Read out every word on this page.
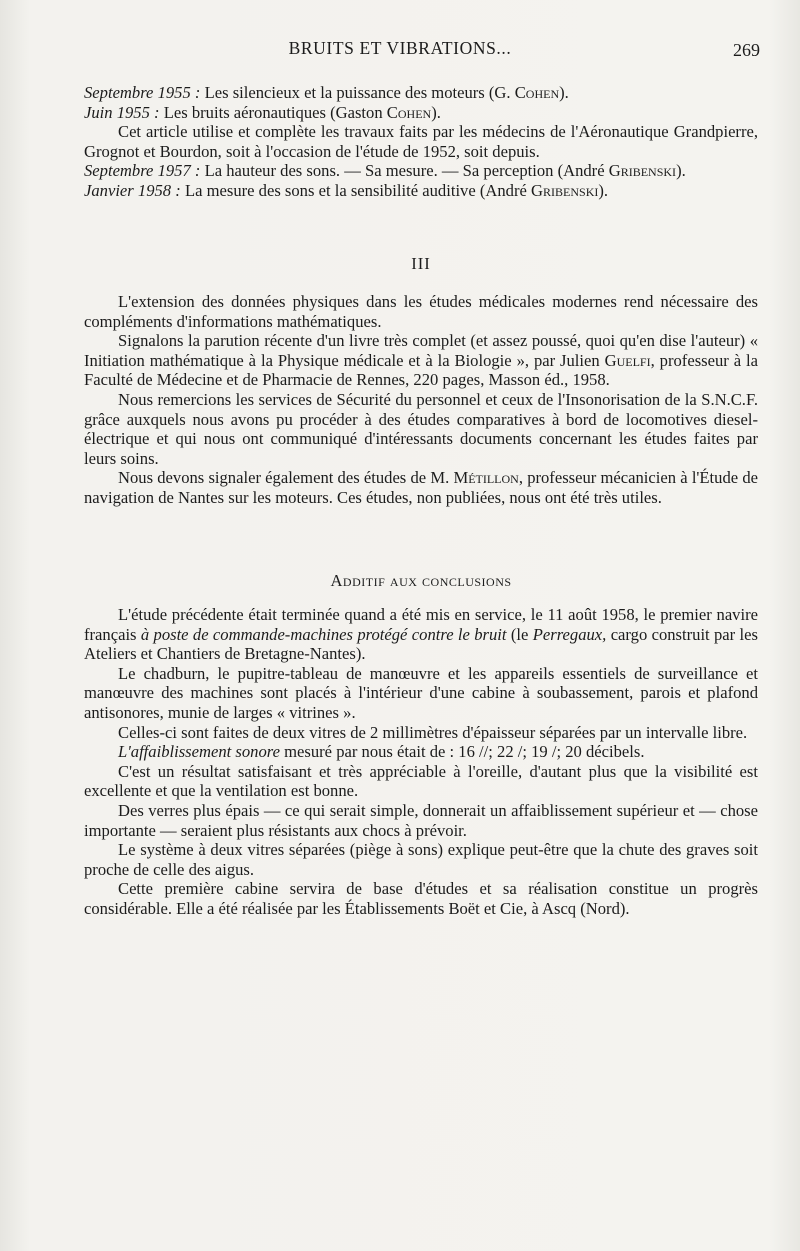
BRUITS ET VIBRATIONS...	269

Septembre 1955 : Les silencieux et la puissance des moteurs (G. Cohen).

Juin 1955 : Les bruits aéronautiques (Gaston Cohen).

Cet article utilise et complète les travaux faits par les médecins de l'Aéronautique Grandpierre, Grognot et Bourdon, soit à l'occasion de l'étude de 1952, soit depuis.

Septembre 1957 : La hauteur des sons. — Sa mesure. — Sa perception (André Gribenski).

Janvier 1958 : La mesure des sons et la sensibilité auditive (André Gribenski).

III

L'extension des données physiques dans les études médicales modernes rend nécessaire des compléments d'informations mathématiques.

Signalons la parution récente d'un livre très complet (et assez poussé, quoi qu'en dise l'auteur) « Initiation mathématique à la Physique médicale et à la Biologie », par Julien Guelfi, professeur à la Faculté de Médecine et de Pharmacie de Rennes, 220 pages, Masson éd., 1958.

Nous remercions les services de Sécurité du personnel et ceux de l'Insonorisation de la S.N.C.F. grâce auxquels nous avons pu procéder à des études comparatives à bord de locomotives diesel-électrique et qui nous ont communiqué d'intéressants documents concernant les études faites par leurs soins.

Nous devons signaler également des études de M. Métillon, professeur mécanicien à l'Étude de navigation de Nantes sur les moteurs. Ces études, non publiées, nous ont été très utiles.

Additif aux conclusions

L'étude précédente était terminée quand a été mis en service, le 11 août 1958, le premier navire français à poste de commande-machines protégé contre le bruit (le Perregaux, cargo construit par les Ateliers et Chantiers de Bretagne-Nantes).

Le chadburn, le pupitre-tableau de manœuvre et les appareils essentiels de surveillance et manœuvre des machines sont placés à l'intérieur d'une cabine à soubassement, parois et plafond antisonores, munie de larges « vitrines ».

Celles-ci sont faites de deux vitres de 2 millimètres d'épaisseur séparées par un intervalle libre.

L'affaiblissement sonore mesuré par nous était de : 16 //; 22 /; 19 /; 20 décibels.

C'est un résultat satisfaisant et très appréciable à l'oreille, d'autant plus que la visibilité est excellente et que la ventilation est bonne.

Des verres plus épais — ce qui serait simple, donnerait un affaiblissement supérieur et — chose importante — seraient plus résistants aux chocs à prévoir.

Le système à deux vitres séparées (piège à sons) explique peut-être que la chute des graves soit proche de celle des aigus.

Cette première cabine servira de base d'études et sa réalisation constitue un progrès considérable. Elle a été réalisée par les Établissements Boët et Cie, à Ascq (Nord).
